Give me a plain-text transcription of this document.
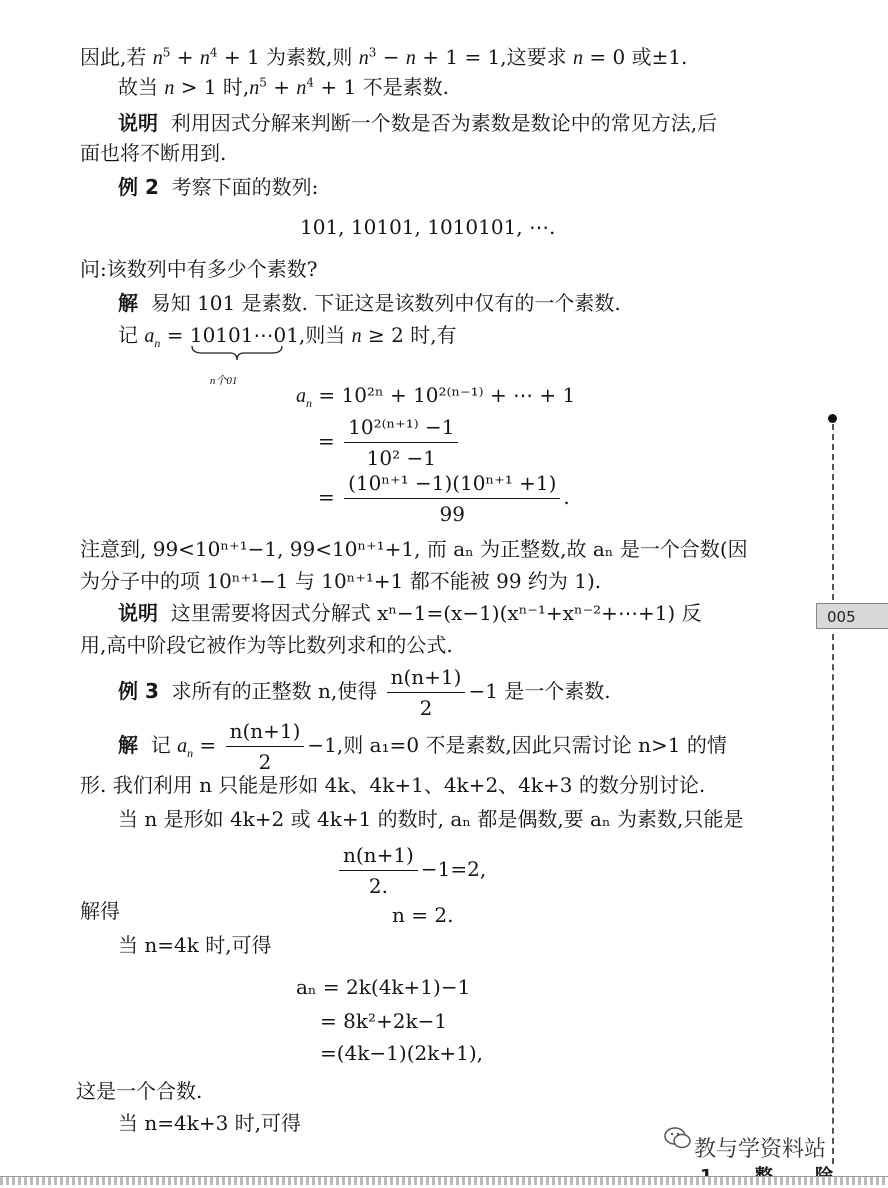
因此,若 $n^5 + n^4 + 1$ 为素数,则 $n^3 - n + 1 = 1$,这要求 n = 0 或±1.
故当 n > 1 时$,n^5 + n^4 + 1$ 不是素数.
说明 利用因式分解来判断一个数是否为素数是数论中的常见方法,后
面也将不断用到.
例 2 考察下面的数列:
101, 10101, 1010101, ⋯.
问:该数列中有多少个素数?
解 易知 101 是素数. 下证这是该数列中仅有的一个素数.
记 $a_n$ = 10101⋯01
n个01
,则当 n ≥ 2 时,有
$a_n = 10^{2n} + 10^{2(n-1)}$ + ⋯ + 1
= $\frac{\text{10²⁽ⁿ⁺¹⁾ −1}}{\text{10² −1}}$
= $\frac{\text{(10ⁿ⁺¹ −1)(10ⁿ⁺¹ +1)}}{99}$ .
注意到, 99<10ⁿ⁺¹−1, 99<10ⁿ⁺¹+1, 而 aₙ 为正整数,故 aₙ 是一个合数(因
为分子中的项 10ⁿ⁺¹−1 与 10ⁿ⁺¹+1 都不能被 99 约为 1).
说明 这里需要将因式分解式 xⁿ−1=(x−1)(xⁿ⁻¹+xⁿ⁻²+⋯+1) 反
用,高中阶段它被作为等比数列求和的公式.
例 3 求所有的正整数 n,使得 $\frac{n(n+1)}{2} -1$ 是一个素数.
解 记 $a_n = \frac{n(n+1)}{2} -1$,则 a₁=0 不是素数,因此只需讨论 n>1 的情
形. 我们利用 n 只能是形如 4k、4k+1、4k+2、4k+3 的数分别讨论.
当 n 是形如 4k+2 或 4k+1 的数时, aₙ 都是偶数,要 aₙ 为素数,只能是
$\frac{n(n+1)}{2.} -1=2$,
解得	n = 2.
当 n=4k 时,可得
aₙ = 2k(4k+1)−1
= 8k²+2k−1
=(4k−1)(2k+1),
这是一个合数.
当 n=4k+3 时,可得
005
教与学资料站
